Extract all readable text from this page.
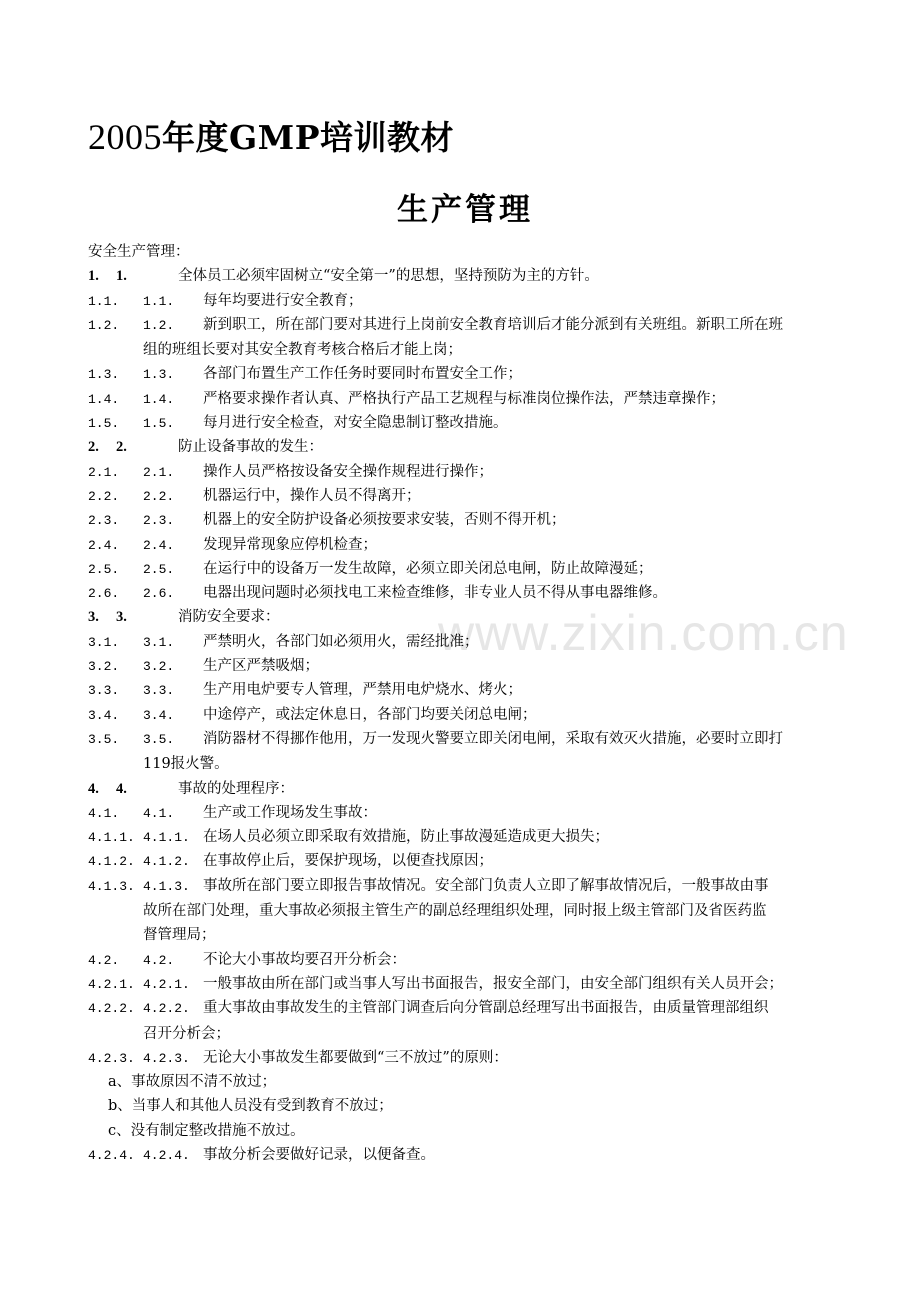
2005年度GMP培训教材
生产管理
www.zixin.com.cn
安全生产管理：
1. 1.	全体员工必须牢固树立“安全第一”的思想，坚持预防为主的方针。
1.1. 1.1. 每年均要进行安全教育；
1.2. 1.2. 新到职工，所在部门要对其进行上岗前安全教育培训后才能分派到有关班组。新职工所在班
组的班组长要对其安全教育考核合格后才能上岗；
1.3. 1.3. 各部门布置生产工作任务时要同时布置安全工作；
1.4. 1.4. 严格要求操作者认真、严格执行产品工艺规程与标准岗位操作法，严禁违章操作；
1.5. 1.5. 每月进行安全检查，对安全隐患制订整改措施。
2. 2.	防止设备事故的发生：
2.1. 2.1. 操作人员严格按设备安全操作规程进行操作；
2.2. 2.2. 机器运行中，操作人员不得离开；
2.3. 2.3. 机器上的安全防护设备必须按要求安装，否则不得开机；
2.4. 2.4. 发现异常现象应停机检查；
2.5. 2.5. 在运行中的设备万一发生故障，必须立即关闭总电闸，防止故障漫延；
2.6. 2.6. 电器出现问题时必须找电工来检查维修，非专业人员不得从事电器维修。
3. 3.	消防安全要求：
3.1. 3.1. 严禁明火，各部门如必须用火，需经批准；
3.2. 3.2. 生产区严禁吸烟；
3.3. 3.3. 生产用电炉要专人管理，严禁用电炉烧水、烤火；
3.4. 3.4. 中途停产，或法定休息日，各部门均要关闭总电闸；
3.5. 3.5. 消防器材不得挪作他用，万一发现火警要立即关闭电闸，采取有效灭火措施，必要时立即打
119报火警。
4. 4.	事故的处理程序：
4.1. 4.1. 生产或工作现场发生事故：
4.1.1. 4.1.1. 在场人员必须立即采取有效措施，防止事故漫延造成更大损失；
4.1.2. 4.1.2. 在事故停止后，要保护现场，以便查找原因；
4.1.3. 4.1.3. 事故所在部门要立即报告事故情况。安全部门负责人立即了解事故情况后，一般事故由事
故所在部门处理，重大事故必须报主管生产的副总经理组织处理，同时报上级主管部门及省医药监
督管理局；
4.2. 4.2. 不论大小事故均要召开分析会：
4.2.1. 4.2.1. 一般事故由所在部门或当事人写出书面报告，报安全部门，由安全部门组织有关人员开会；
4.2.2. 4.2.2. 重大事故由事故发生的主管部门调查后向分管副总经理写出书面报告，由质量管理部组织
召开分析会；
4.2.3. 4.2.3. 无论大小事故发生都要做到“三不放过”的原则：
a、事故原因不清不放过；
b、当事人和其他人员没有受到教育不放过；
c、没有制定整改措施不放过。
4.2.4. 4.2.4. 事故分析会要做好记录，以便备查。
